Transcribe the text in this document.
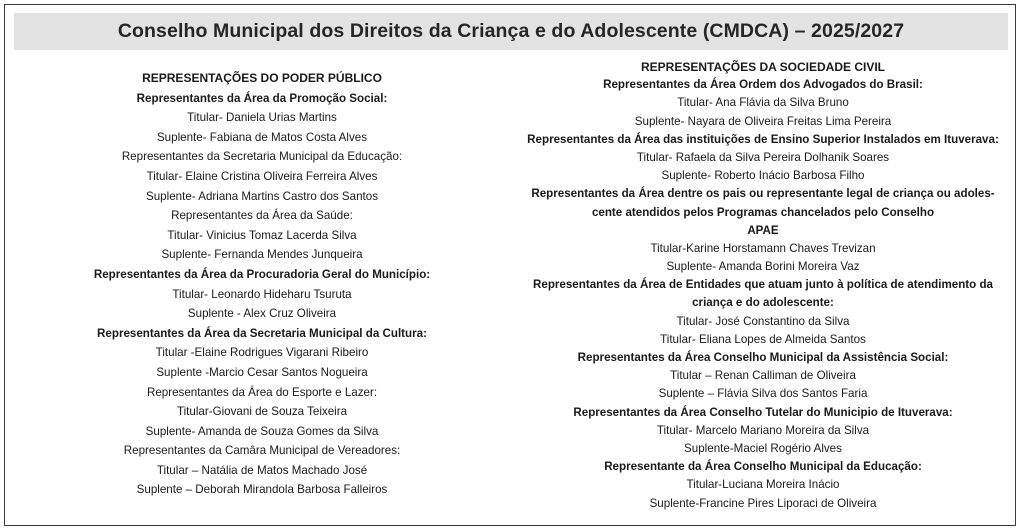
Conselho Municipal dos Direitos da Criança e do Adolescente (CMDCA) – 2025/2027
REPRESENTAÇÕES DO PODER PÚBLICO
Representantes da Área da Promoção Social:
Titular- Daniela Urias Martins
Suplente- Fabiana de Matos Costa Alves
Representantes da Secretaria Municipal da Educação:
Titular- Elaine Cristina Oliveira Ferreira Alves
Suplente- Adriana Martins Castro dos Santos
Representantes da Área da Saúde:
Titular- Vinicius Tomaz Lacerda Silva
Suplente- Fernanda Mendes Junqueira
Representantes da Área da Procuradoria Geral do Município:
Titular- Leonardo Hideharu Tsuruta
Suplente - Alex Cruz Oliveira
Representantes da Área da Secretaria Municipal da Cultura:
Titular -Elaine Rodrigues Vigarani Ribeiro
Suplente -Marcio Cesar Santos Nogueira
Representantes da Área do Esporte e Lazer:
Titular-Giovani de Souza Teixeira
Suplente- Amanda de Souza Gomes da Silva
Representantes da Camâra Municipal de Vereadores:
Titular – Natália de Matos Machado José
Suplente – Deborah Mirandola Barbosa Falleiros
REPRESENTAÇÕES DA SOCIEDADE CIVIL
Representantes da Área Ordem dos Advogados do Brasil:
Titular- Ana Flávia da Silva Bruno
Suplente- Nayara de Oliveira Freitas Lima Pereira
Representantes da Área das instituições de Ensino Superior Instalados em Ituverava:
Titular- Rafaela da Silva Pereira Dolhanik Soares
Suplente- Roberto Inácio Barbosa Filho
Representantes da Área dentre os pais ou representante legal de criança ou adoles-
cente atendidos pelos Programas chancelados pelo Conselho
APAE
Titular-Karine Horstamann Chaves Trevizan
Suplente- Amanda Borini Moreira Vaz
Representantes da Área de Entidades que atuam junto à política de atendimento da
criança e do adolescente:
Titular- José Constantino da Silva
Titular- Eliana Lopes de Almeida Santos
Representantes da Área Conselho Municipal da Assistência Social:
Titular – Renan Calliman de Oliveira
Suplente – Flávia Silva dos Santos Faria
Representantes da Área Conselho Tutelar do Municipio de Ituverava:
Titular- Marcelo Mariano Moreira da Silva
Suplente-Maciel Rogério Alves
Representante da Área Conselho Municipal da Educação:
Titular-Luciana Moreira Inácio
Suplente-Francine Pires Liporaci de Oliveira
